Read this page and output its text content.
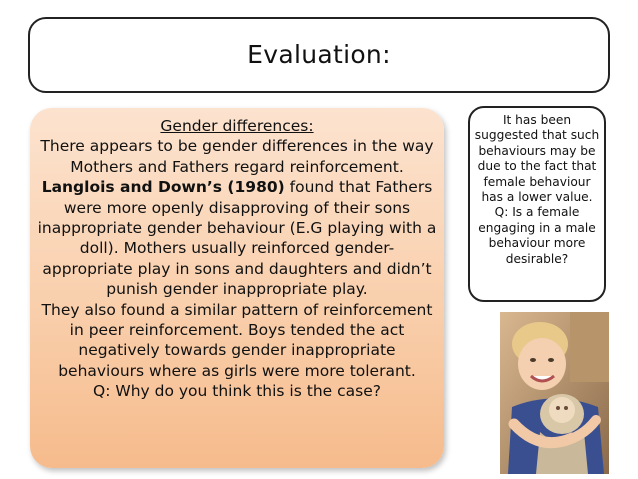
Evaluation:

Gender differences:

There appears to be gender differences in the way Mothers and Fathers regard reinforcement.

Langlois and Down’s (1980) found that Fathers were more openly disapproving of their sons inappropriate gender behaviour (E.G playing with a doll). Mothers usually reinforced gender-appropriate play in sons and daughters and didn’t punish gender inappropriate play.

They also found a similar pattern of reinforcement in peer reinforcement. Boys tended the act negatively towards gender inappropriate behaviours where as girls were more tolerant.

Q: Why do you think this is the case?

It has been suggested that such behaviours may be due to the fact that female behaviour has a lower value.
Q: Is a female engaging in a male behaviour more desirable?
